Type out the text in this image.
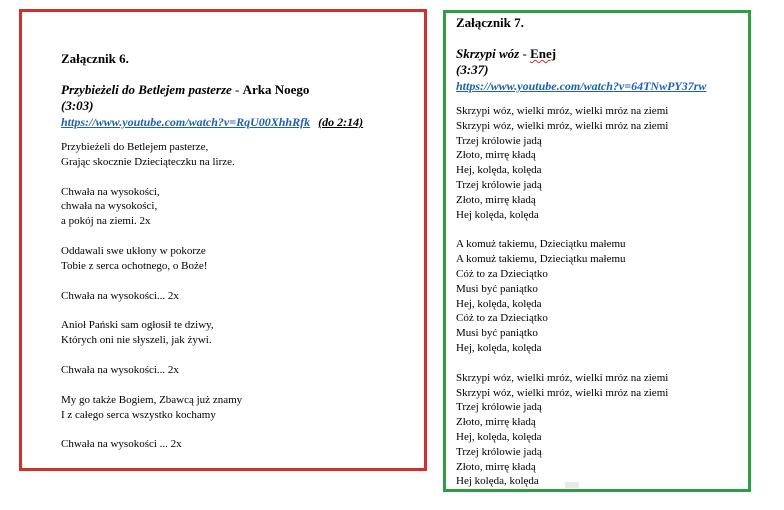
Załącznik 6.

Przybieżeli do Betlejem pasterze - Arka Noego

(3:03)

https://www.youtube.com/watch?v=RqU00XhhRfk (do 2:14)

Przybieżeli do Betlejem pasterze,

Grając skocznie Dzieciąteczku na lirze.

Chwała na wysokości,

chwała na wysokości,

a pokój na ziemi. 2x

Oddawali swe ukłony w pokorze

Tobie z serca ochotnego, o Boże!

Chwała na wysokości... 2x

Anioł Pański sam ogłosił te dziwy,

Których oni nie słyszeli, jak żywi.

Chwała na wysokości... 2x

My go także Bogiem, Zbawcą już znamy

I z całego serca wszystko kochamy

Chwała na wysokości ... 2x

Załącznik 7.

Skrzypi wóz - Enej

(3:37)

https://www.youtube.com/watch?v=64TNwPY37rw

Skrzypi wóz, wielki mróz, wielki mróz na ziemi

Skrzypi wóz, wielki mróz, wielki mróz na ziemi

Trzej królowie jadą

Złoto, mirrę kładą

Hej, kolęda, kolęda

Trzej królowie jadą

Złoto, mirrę kładą

Hej kolęda, kolęda

A komuż takiemu, Dzieciątku małemu

A komuż takiemu, Dzieciątku małemu

Cóż to za Dzieciątko

Musi być paniątko

Hej, kolęda, kolęda

Cóż to za Dzieciątko

Musi być paniątko

Hej, kolęda, kolęda

Skrzypi wóz, wielki mróz, wielki mróz na ziemi

Skrzypi wóz, wielki mróz, wielki mróz na ziemi

Trzej królowie jadą

Złoto, mirrę kładą

Hej, kolęda, kolęda

Trzej królowie jadą

Złoto, mirrę kładą

Hej kolęda, kolęda
